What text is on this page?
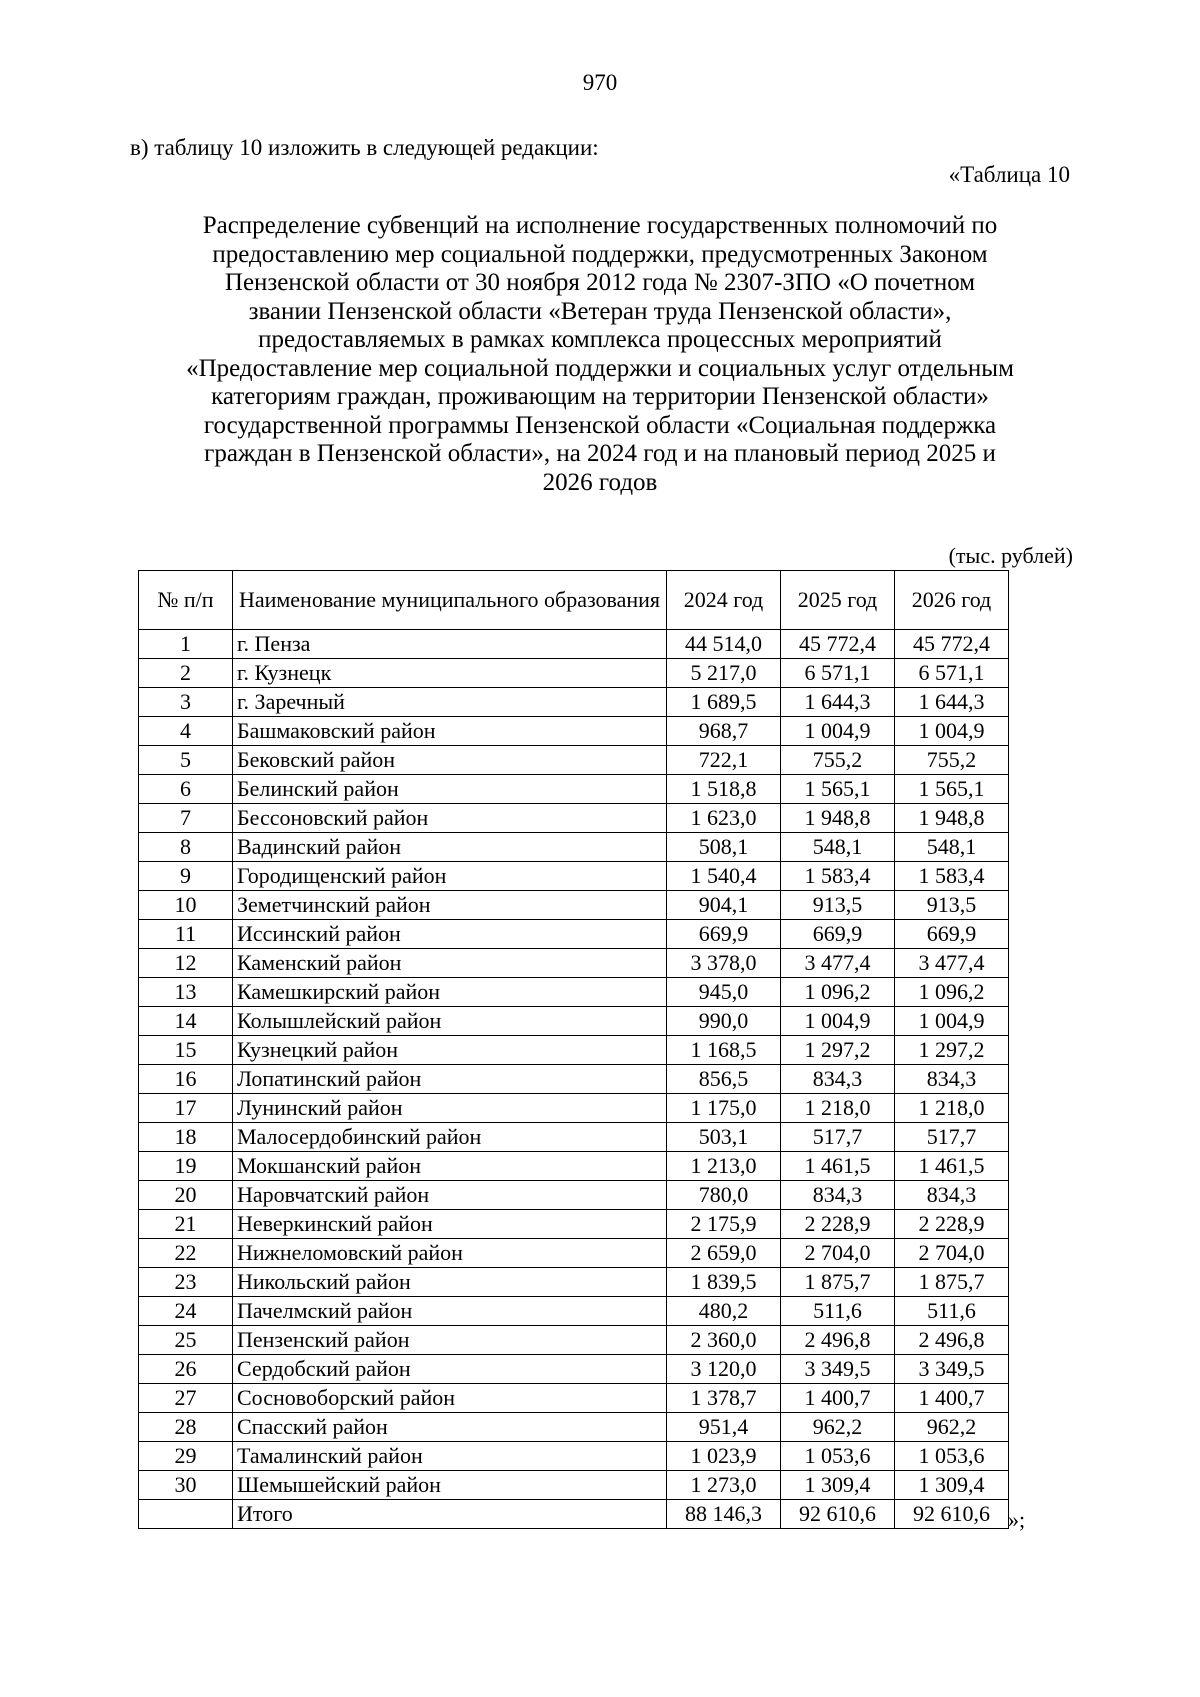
970
в) таблицу 10 изложить в следующей редакции:
«Таблица 10
Распределение субвенций на исполнение государственных полномочий по
предоставлению мер социальной поддержки, предусмотренных Законом
Пензенской области от 30 ноября 2012 года № 2307-ЗПО «О почетном
звании Пензенской области «Ветеран труда Пензенской области»,
предоставляемых в рамках комплекса процессных мероприятий
«Предоставление мер социальной поддержки и социальных услуг отдельным
категориям граждан, проживающим на территории Пензенской области»
государственной программы Пензенской области «Социальная поддержка
граждан в Пензенской области», на 2024 год и на плановый период 2025 и
2026 годов
(тыс. рублей)
№ п/п	Наименование муниципального образования	2024 год	2025 год	2026 год
1	г. Пенза	44 514,0	45 772,4	45 772,4
2	г. Кузнецк	5 217,0	6 571,1	6 571,1
3	г. Заречный	1 689,5	1 644,3	1 644,3
4	Башмаковский район	968,7	1 004,9	1 004,9
5	Бековский район	722,1	755,2	755,2
6	Белинский район	1 518,8	1 565,1	1 565,1
7	Бессоновский район	1 623,0	1 948,8	1 948,8
8	Вадинский район	508,1	548,1	548,1
9	Городищенский район	1 540,4	1 583,4	1 583,4
10	Земетчинский район	904,1	913,5	913,5
11	Иссинский район	669,9	669,9	669,9
12	Каменский район	3 378,0	3 477,4	3 477,4
13	Камешкирский район	945,0	1 096,2	1 096,2
14	Колышлейский район	990,0	1 004,9	1 004,9
15	Кузнецкий район	1 168,5	1 297,2	1 297,2
16	Лопатинский район	856,5	834,3	834,3
17	Лунинский район	1 175,0	1 218,0	1 218,0
18	Малосердобинский район	503,1	517,7	517,7
19	Мокшанский район	1 213,0	1 461,5	1 461,5
20	Наровчатский район	780,0	834,3	834,3
21	Неверкинский район	2 175,9	2 228,9	2 228,9
22	Нижнеломовский район	2 659,0	2 704,0	2 704,0
23	Никольский район	1 839,5	1 875,7	1 875,7
24	Пачелмский район	480,2	511,6	511,6
25	Пензенский район	2 360,0	2 496,8	2 496,8
26	Сердобский район	3 120,0	3 349,5	3 349,5
27	Сосновоборский район	1 378,7	1 400,7	1 400,7
28	Спасский район	951,4	962,2	962,2
29	Тамалинский район	1 023,9	1 053,6	1 053,6
30	Шемышейский район	1 273,0	1 309,4	1 309,4
	Итого	88 146,3	92 610,6	92 610,6 »;
